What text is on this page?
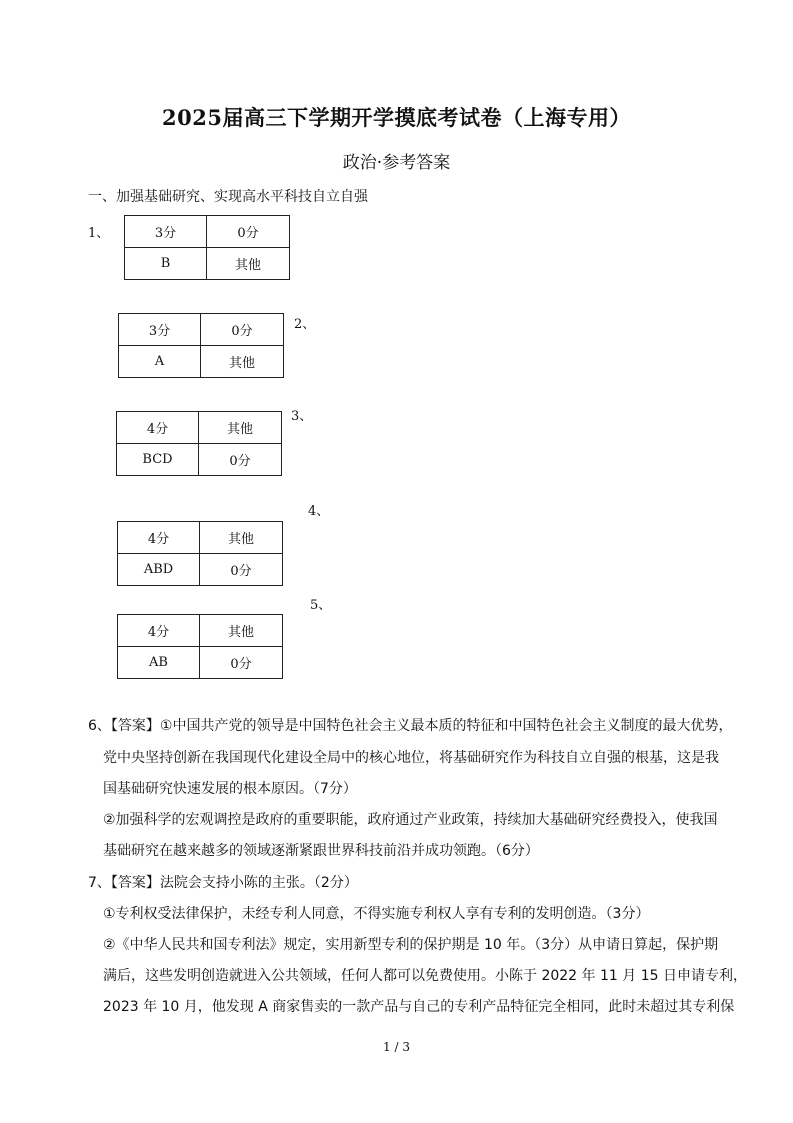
2025届高三下学期开学摸底考试卷（上海专用）
政治·参考答案
一、加强基础研究、实现高水平科技自立自强
1、	3分	0分
B	其他
3分	0分
A	其他
2、
4分	其他
BCD	0分
3、
4、
4分	其他
ABD	0分
5、
4分	其他
AB	0分
6、【答案】①中国共产党的领导是中国特色社会主义最本质的特征和中国特色社会主义制度的最大优势，
党中央坚持创新在我国现代化建设全局中的核心地位，将基础研究作为科技自立自强的根基，这是我
国基础研究快速发展的根本原因。（7分）
②加强科学的宏观调控是政府的重要职能，政府通过产业政策，持续加大基础研究经费投入，使我国
基础研究在越来越多的领域逐渐紧跟世界科技前沿并成功领跑。（6分）
7、【答案】法院会支持小陈的主张。（2分）
①专利权受法律保护，未经专利人同意，不得实施专利权人享有专利的发明创造。（3分）
②《中华人民共和国专利法》规定，实用新型专利的保护期是 10 年。（3分）从申请日算起，保护期
满后，这些发明创造就进入公共领域，任何人都可以免费使用。小陈于 2022 年 11 月 15 日申请专利，
2023 年 10 月，他发现 A 商家售卖的一款产品与自己的专利产品特征完全相同，此时未超过其专利保
1 / 3
